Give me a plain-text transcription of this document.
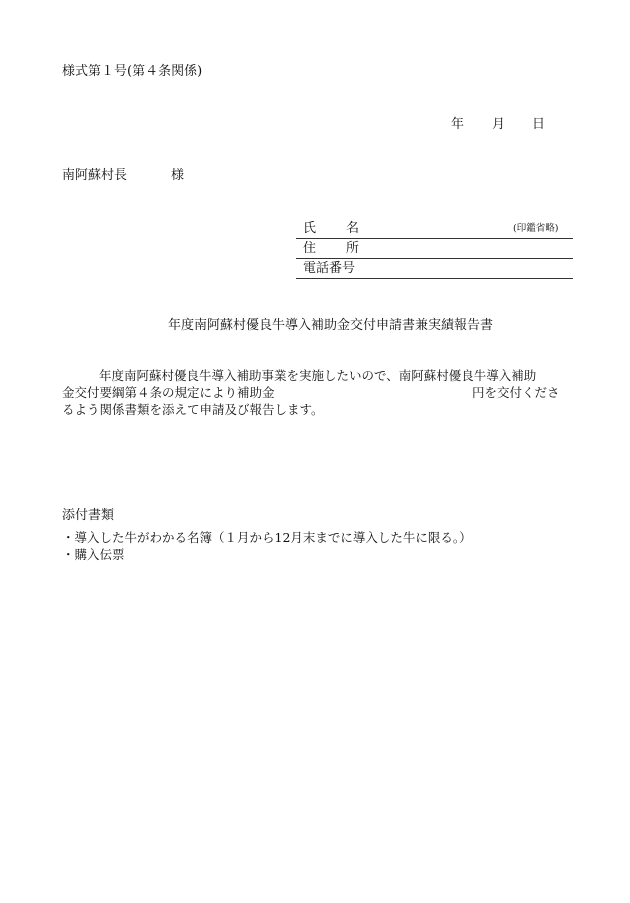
様式第１号(第４条関係)
年 月 日
南阿蘇村長	様
氏 名	(印鑑省略)
住 所
電話番号
年度南阿蘇村優良牛導入補助金交付申請書兼実績報告書
年度南阿蘇村優良牛導入補助事業を実施したいので、南阿蘇村優良牛導入補助
金交付要綱第４条の規定により補助金	円を交付くださ
るよう関係書類を添えて申請及び報告します。
添付書類
・導入した牛がわかる名簿（１月から12月末までに導入した牛に限る。）
・購入伝票
